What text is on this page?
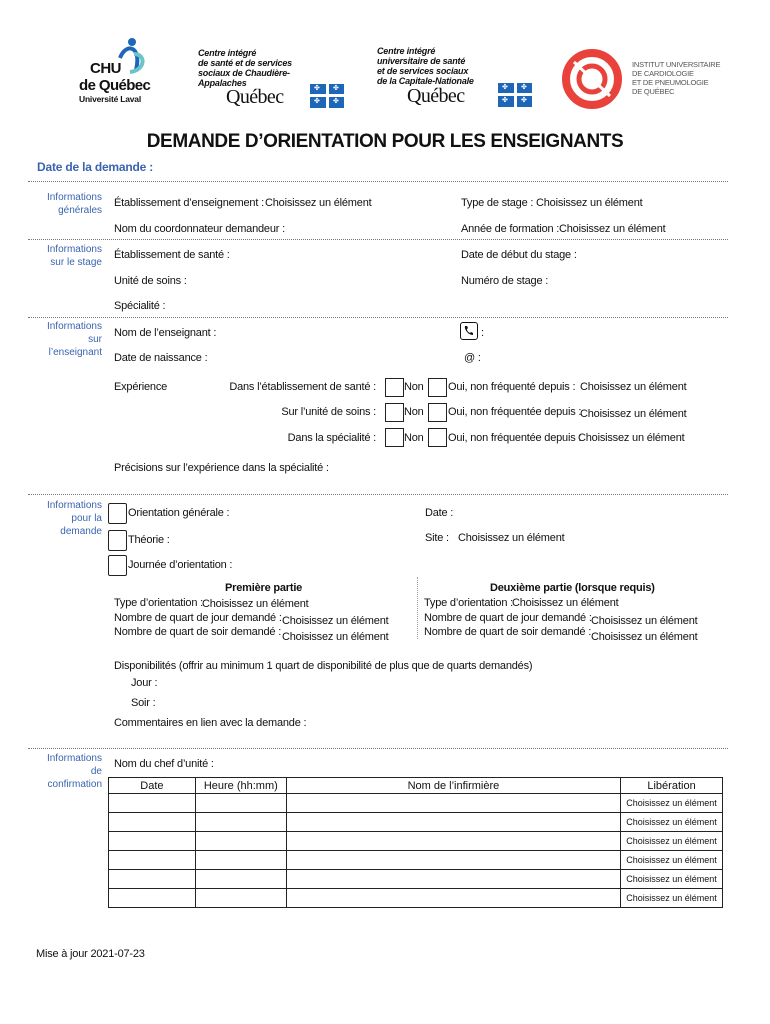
CHU
de Québec
Université Laval
Centre intégré
de santé et de services
sociaux de Chaudière-
Appalaches
Québec	✤ ✤
✤ ✤
Centre intégré
universitaire de santé
et de services sociaux
de la Capitale-Nationale
Québec	✤ ✤
✤ ✤
INSTITUT UNIVERSITAIRE
DE CARDIOLOGIE
ET DE PNEUMOLOGIE
DE QUÉBEC
DEMANDE D’ORIENTATION POUR LES ENSEIGNANTS
Date de la demande :
Informations
générales
Établissement d’enseignement : Choisissez un élément	Type de stage : Choisissez un élément
Nom du coordonnateur demandeur :	Année de formation : Choisissez un élément
Informations
sur le stage
Établissement de santé :	Date de début du stage :
Unité de soins :	Numéro de stage :
Spécialité :
Informations
sur
l’enseignant
Nom de l’enseignant :	:
Date de naissance :	@ :
Expérience	Dans l’établissement de santé :	Non Oui, non fréquenté depuis : Choisissez un élément
Sur l’unité de soins :	Non Oui, non fréquentée depuis :
Choisissez un élément
Dans la spécialité :	Non Oui, non fréquentée depuis :
Choisissez un élément
Précisions sur l’expérience dans la spécialité :
Informations
pour la
demande
Orientation générale :	Date :
Théorie :	Site : Choisissez un élément
Journée d’orientation :
Première partie
Type d’orientation : Choisissez un élément
Nombre de quart de jour demandé : Choisissez un élément
Nombre de quart de soir demandé : Choisissez un élément
Deuxième partie (lorsque requis)
Type d’orientation : Choisissez un élément
Nombre de quart de jour demandé : Choisissez un élément
Nombre de quart de soir demandé : Choisissez un élément
Disponibilités (offrir au minimum 1 quart de disponibilité de plus que de quarts demandés)
Jour :
Soir :
Commentaires en lien avec la demande :
Informations
de
confirmation
Nom du chef d’unité :
Date	Heure (hh:mm)	Nom de l’infirmière	Libération
			Choisissez un élément
			Choisissez un élément
			Choisissez un élément
			Choisissez un élément
			Choisissez un élément
			Choisissez un élément
Mise à jour 2021-07-23
